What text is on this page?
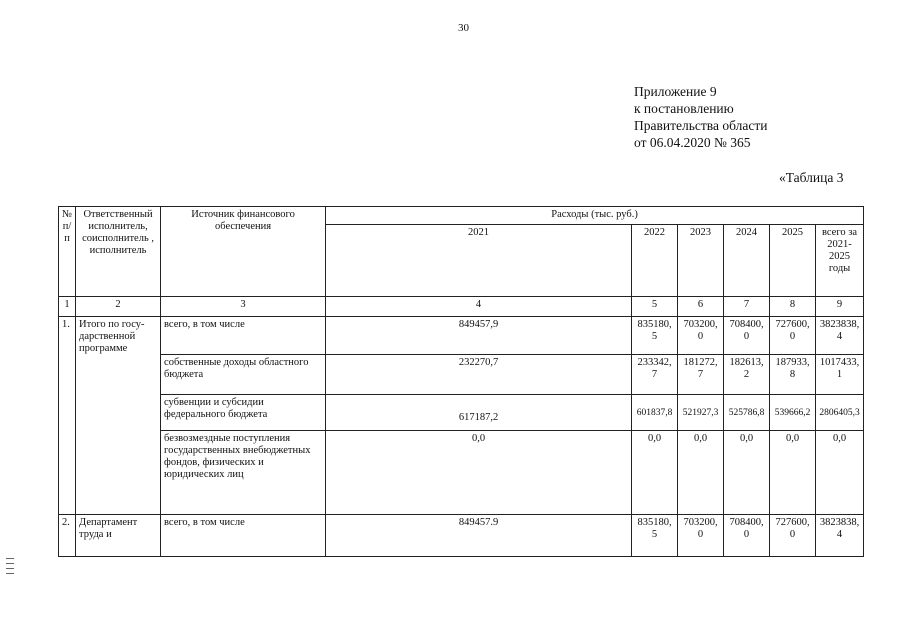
30
Приложение 9
к постановлению
Правительства области
от 06.04.2020 № 365
«Таблица 3
№ п/п	Ответственный исполнитель, соисполнитель , исполнитель	Источник финансового обеспечения	Расходы (тыс. руб.)					
			2021	2022	2023	2024	2025	всего за 2021-2025 годы
1	2	3	4	5	6	7	8	9
1.	Итого по госу-дарственной программе	всего, в том числе	849457,9	835180,5	703200,0	708400,0	727600,0	3823838,4
		собственные доходы областного бюджета	232270,7	233342,7	181272,7	182613,2	187933,8	1017433,1
		субвенции и субсидии федерального бюджета	617187,2	601837,8	521927,3	525786,8	539666,2	2806405,3
		безвозмездные поступления государственных внебюджетных фондов, физических и юридических лиц	0,0	0,0	0,0	0,0	0,0	0,0
2.	Департамент труда и	всего, в том числе	849457.9	835180,5	703200,0	708400,0	727600,0	3823838,4
